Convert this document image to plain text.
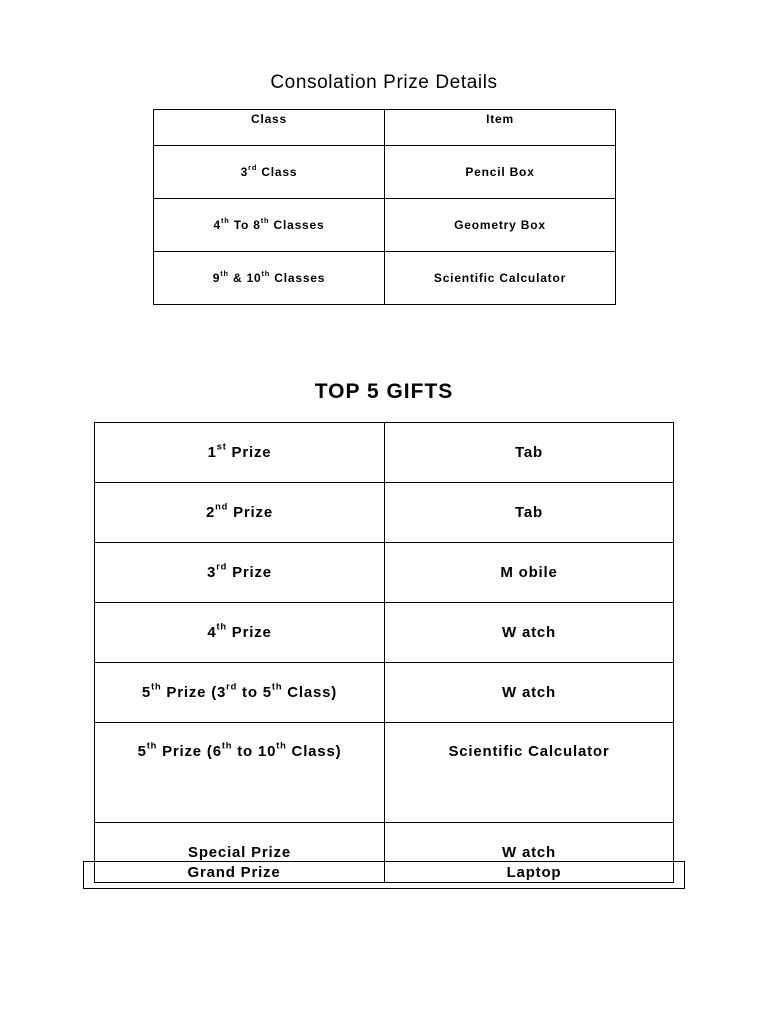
Consolation Prize Details
Class	Item
3rd Class	Pencil Box
4th To 8th Classes	Geometry Box
9th & 10th Classes	Scientific Calculator
TOP 5 GIFTS
1st Prize	Tab
2nd Prize	Tab
3rd Prize	M obile
4th Prize	W atch
5th Prize (3rd to 5th Class)	W atch
5th Prize (6th to 10th Class)	Scientific Calculator
Special Prize	W atch
Grand Prize	Laptop
